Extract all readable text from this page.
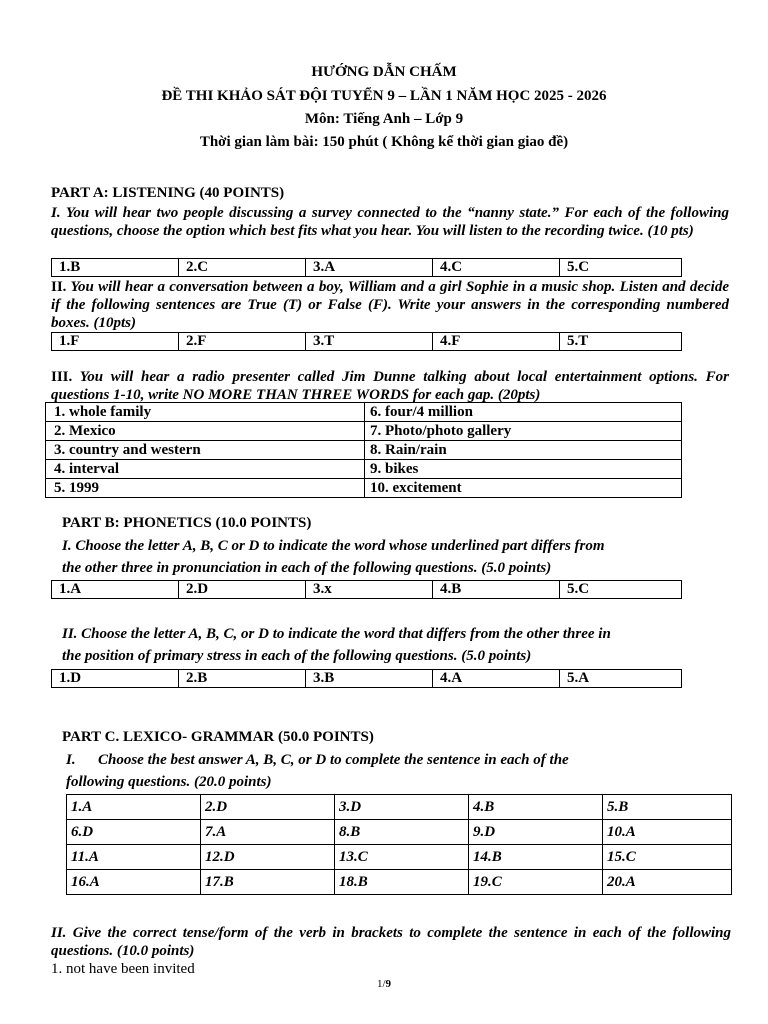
HƯỚNG DẪN CHẤM
ĐỀ THI KHẢO SÁT ĐỘI TUYỂN 9 – LẦN 1 NĂM HỌC 2025 - 2026
Môn: Tiếng Anh – Lớp 9
Thời gian làm bài: 150 phút ( Không kể thời gian giao đề)
PART A: LISTENING (40 POINTS)
I. You will hear two people discussing a survey connected to the “nanny state.” For each of the following questions, choose the option which best fits what you hear. You will listen to the recording twice. (10 pts)
1.B	2.C	3.A	4.C	5.C
II. You will hear a conversation between a boy, William and a girl Sophie in a music shop. Listen and decide if the following sentences are True (T) or False (F). Write your answers in the corresponding numbered boxes. (10pts)
1.F	2.F	3.T	4.F	5.T
III. You will hear a radio presenter called Jim Dunne talking about local entertainment options. For questions 1-10, write NO MORE THAN THREE WORDS for each gap. (20pts)
1. whole family	6. four/4 million
2. Mexico	7. Photo/photo gallery
3. country and western	8. Rain/rain
4. interval	9. bikes
5. 1999	10. excitement
PART B: PHONETICS (10.0 POINTS)
I. Choose the letter A, B, C or D to indicate the word whose underlined part differs from
the other three in pronunciation in each of the following questions. (5.0 points)
1.A	2.D	3.x	4.B	5.C
II. Choose the letter A, B, C, or D to indicate the word that differs from the other three in
the position of primary stress in each of the following questions. (5.0 points)
1.D	2.B	3.B	4.A	5.A
PART C. LEXICO- GRAMMAR (50.0 POINTS)
I. Choose the best answer A, B, C, or D to complete the sentence in each of the
following questions. (20.0 points)
1.A	2.D	3.D	4.B	5.B
6.D	7.A	8.B	9.D	10.A
11.A	12.D	13.C	14.B	15.C
16.A	17.B	18.B	19.C	20.A
II. Give the correct tense/form of the verb in brackets to complete the sentence in each of the following questions. (10.0 points)
1. not have been invited
1/9
